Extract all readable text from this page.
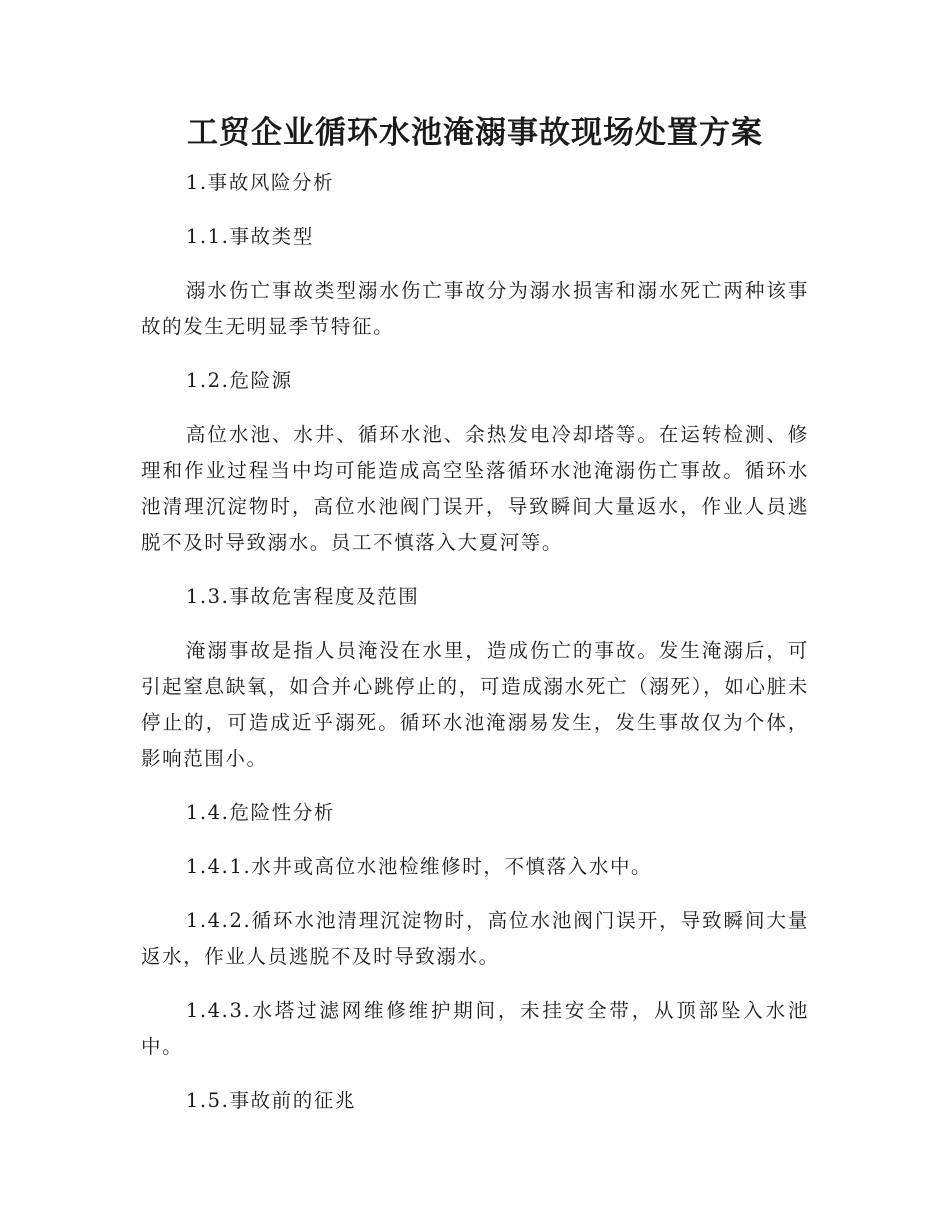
工贸企业循环水池淹溺事故现场处置方案

1.事故风险分析

1.1.事故类型

溺水伤亡事故类型溺水伤亡事故分为溺水损害和溺水死亡两种该事故的发生无明显季节特征。

1.2.危险源

高位水池、水井、循环水池、余热发电冷却塔等。在运转检测、修理和作业过程当中均可能造成高空坠落循环水池淹溺伤亡事故。循环水池清理沉淀物时，高位水池阀门误开，导致瞬间大量返水，作业人员逃脱不及时导致溺水。员工不慎落入大夏河等。

1.3.事故危害程度及范围

淹溺事故是指人员淹没在水里，造成伤亡的事故。发生淹溺后，可引起窒息缺氧，如合并心跳停止的，可造成溺水死亡（溺死），如心脏未停止的，可造成近乎溺死。循环水池淹溺易发生，发生事故仅为个体，影响范围小。

1.4.危险性分析

1.4.1.水井或高位水池检维修时，不慎落入水中。

1.4.2.循环水池清理沉淀物时，高位水池阀门误开，导致瞬间大量返水，作业人员逃脱不及时导致溺水。

1.4.3.水塔过滤网维修维护期间，未挂安全带，从顶部坠入水池中。

1.5.事故前的征兆
